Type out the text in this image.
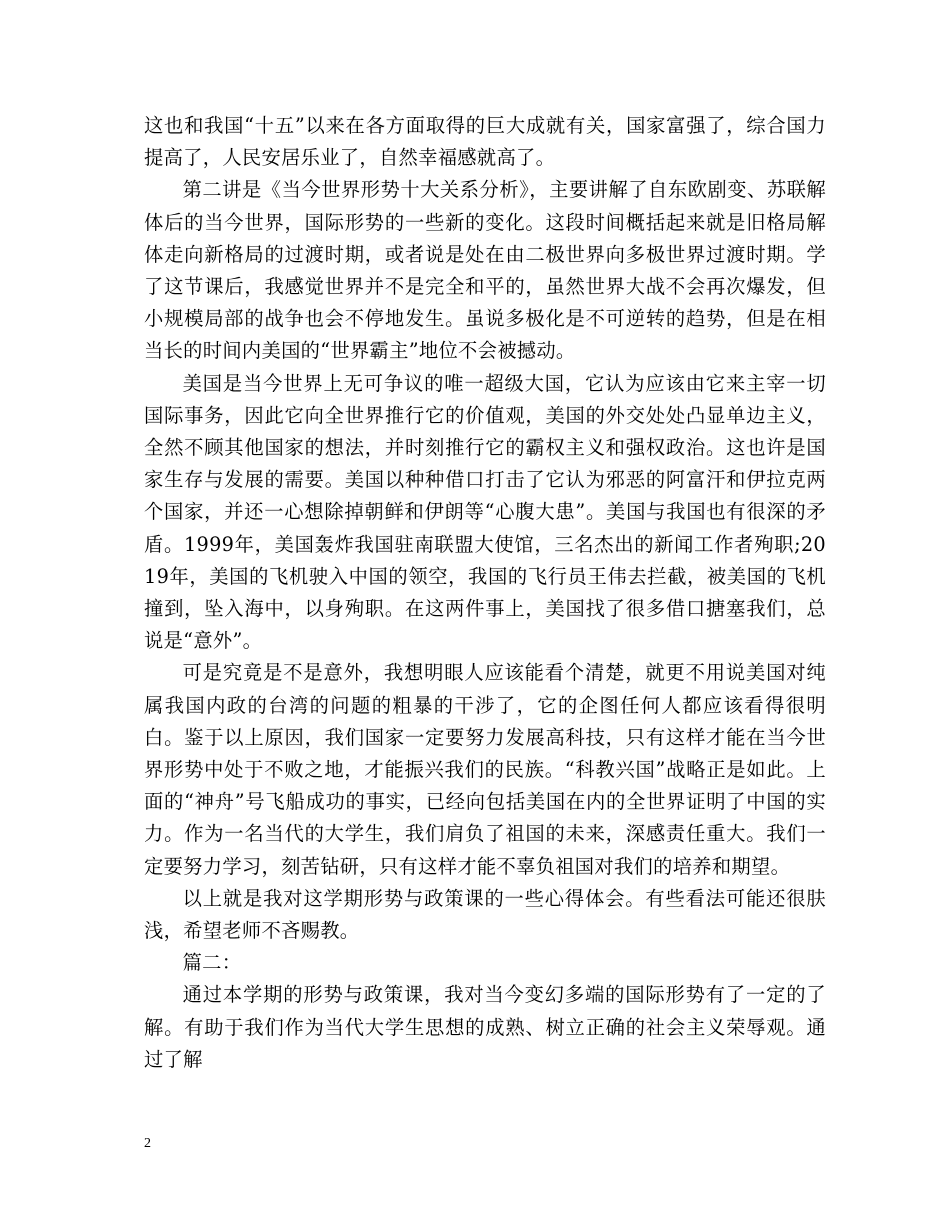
这也和我国“十五”以来在各方面取得的巨大成就有关，国家富强了，综合国力提高了，人民安居乐业了，自然幸福感就高了。

第二讲是《当今世界形势十大关系分析》，主要讲解了自东欧剧变、苏联解体后的当今世界，国际形势的一些新的变化。这段时间概括起来就是旧格局解体走向新格局的过渡时期，或者说是处在由二极世界向多极世界过渡时期。学了这节课后，我感觉世界并不是完全和平的，虽然世界大战不会再次爆发，但小规模局部的战争也会不停地发生。虽说多极化是不可逆转的趋势，但是在相当长的时间内美国的“世界霸主”地位不会被撼动。

美国是当今世界上无可争议的唯一超级大国，它认为应该由它来主宰一切国际事务，因此它向全世界推行它的价值观，美国的外交处处凸显单边主义，全然不顾其他国家的想法，并时刻推行它的霸权主义和强权政治。这也许是国家生存与发展的需要。美国以种种借口打击了它认为邪恶的阿富汗和伊拉克两个国家，并还一心想除掉朝鲜和伊朗等“心腹大患”。美国与我国也有很深的矛盾。1999年，美国轰炸我国驻南联盟大使馆，三名杰出的新闻工作者殉职;2019年，美国的飞机驶入中国的领空，我国的飞行员王伟去拦截，被美国的飞机撞到，坠入海中，以身殉职。在这两件事上，美国找了很多借口搪塞我们，总说是“意外”。

可是究竟是不是意外，我想明眼人应该能看个清楚，就更不用说美国对纯属我国内政的台湾的问题的粗暴的干涉了，它的企图任何人都应该看得很明白。鉴于以上原因，我们国家一定要努力发展高科技，只有这样才能在当今世界形势中处于不败之地，才能振兴我们的民族。“科教兴国”战略正是如此。上面的“神舟”号飞船成功的事实，已经向包括美国在内的全世界证明了中国的实力。作为一名当代的大学生，我们肩负了祖国的未来，深感责任重大。我们一定要努力学习，刻苦钻研，只有这样才能不辜负祖国对我们的培养和期望。

以上就是我对这学期形势与政策课的一些心得体会。有些看法可能还很肤浅，希望老师不吝赐教。

篇二：

通过本学期的形势与政策课，我对当今变幻多端的国际形势有了一定的了解。有助于我们作为当代大学生思想的成熟、树立正确的社会主义荣辱观。通过了解

2
